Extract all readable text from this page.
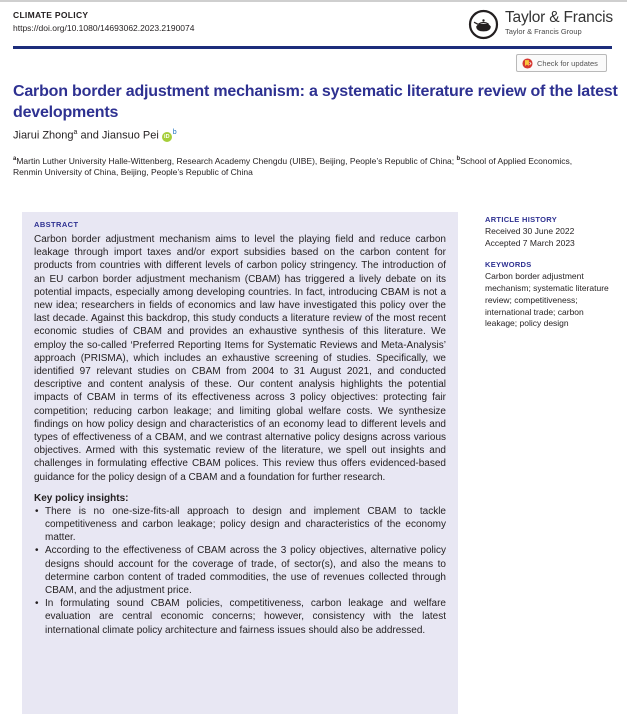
CLIMATE POLICY
https://doi.org/10.1080/14693062.2023.2190074
Taylor & Francis
Taylor & Francis Group
Check for updates
Carbon border adjustment mechanism: a systematic literature review of the latest developments
Jiarui Zhong$^a$ and Jiansuo Pei $iD^b$
$^a$Martin Luther University Halle-Wittenberg, Research Academy Chengdu (UIBE), Beijing, People’s Republic of China; $^b$School of Applied Economics, Renmin University of China, Beijing, People’s Republic of China
ABSTRACT

Carbon border adjustment mechanism aims to level the playing field and reduce carbon leakage through import taxes and/or export subsidies based on the carbon content for products from countries with different levels of carbon policy stringency. The introduction of an EU carbon border adjustment mechanism (CBAM) has triggered a lively debate on its potential impacts, especially among developing countries. In fact, introducing CBAM is not a new idea; researchers in fields of economics and law have investigated this policy over the last decade. Against this backdrop, this study conducts a literature review of the most recent economic studies of CBAM and provides an exhaustive synthesis of this literature. We employ the so-called ‘Preferred Reporting Items for Systematic Reviews and Meta-Analysis’ approach (PRISMA), which includes an exhaustive screening of studies. Specifically, we identified 97 relevant studies on CBAM from 2004 to 31 August 2021, and conducted descriptive and content analysis of these. Our content analysis highlights the potential impacts of CBAM in terms of its effectiveness across 3 policy objectives: protecting fair competition; reducing carbon leakage; and limiting global welfare costs. We synthesize findings on how policy design and characteristics of an economy lead to different levels and types of effectiveness of a CBAM, and we contrast alternative policy designs across various objectives. Armed with this systematic review of the literature, we spell out insights and challenges in formulating effective CBAM polices. This review thus offers evidenced-based guidance for the policy design of a CBAM and a foundation for further research.

Key policy insights:
• There is no one-size-fits-all approach to design and implement CBAM to tackle competitiveness and carbon leakage; policy design and characteristics of the economy matter.
• According to the effectiveness of CBAM across the 3 policy objectives, alternative policy designs should account for the coverage of trade, of sector(s), and also the means to determine carbon content of traded commodities, the use of revenues collected through CBAM, and the adjustment price.
• In formulating sound CBAM policies, competitiveness, carbon leakage and welfare evaluation are central economic concerns; however, consistency with the latest international climate policy architecture and fairness issues should also be addressed.
ARTICLE HISTORY
Received 30 June 2022
Accepted 7 March 2023
KEYWORDS
Carbon border adjustment mechanism; systematic literature review; competitiveness; international trade; carbon leakage; policy design
